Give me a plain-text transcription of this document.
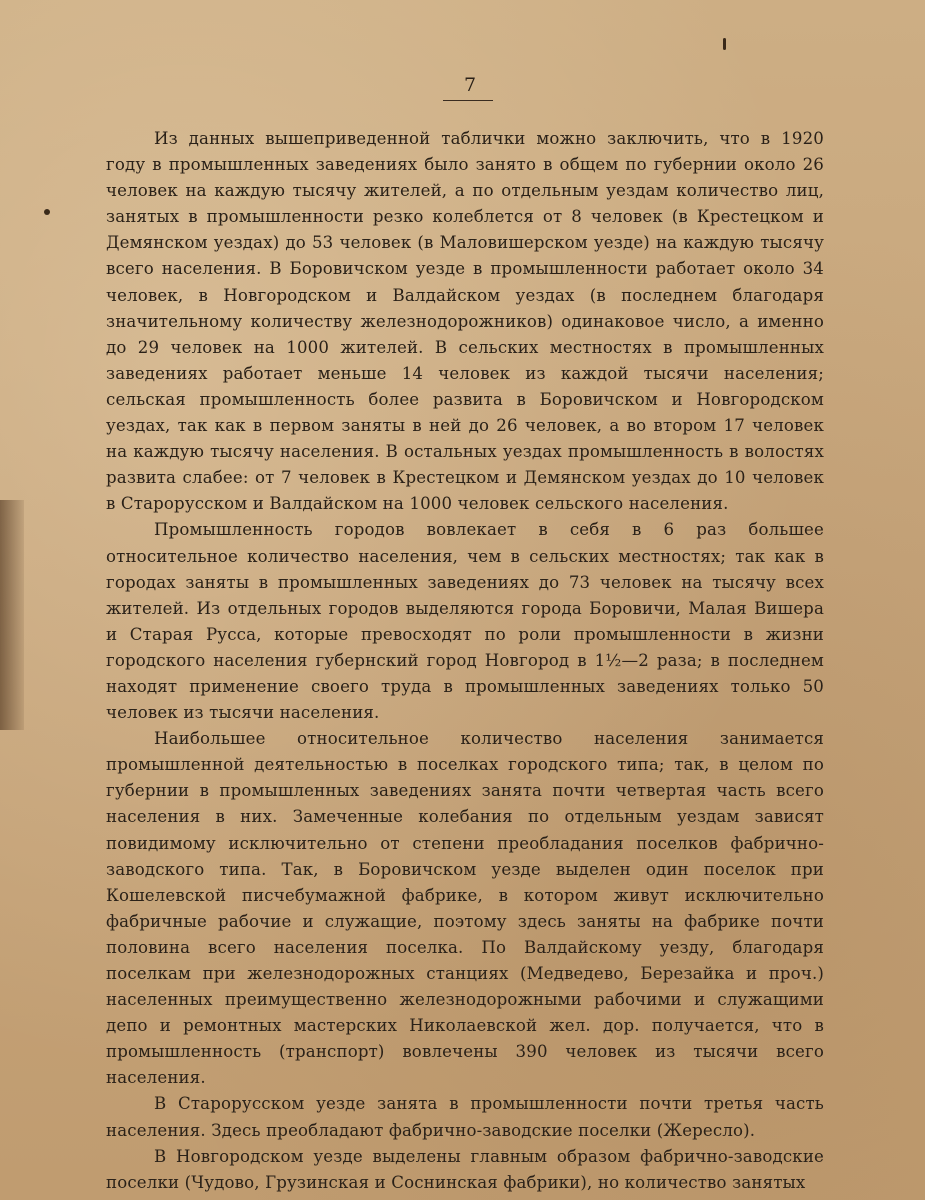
7

Из данных вышеприведенной таблички можно заключить, что в 1920 году в промышленных заведениях было занято в общем по губернии около 26 человек на каждую тысячу жителей, а по отдельным уездам количество лиц, занятых в промышленности резко колеблется от 8 человек (в Крестецком и Демянском уездах) до 53 человек (в Маловишерском уезде) на каждую тысячу всего населения. В Боровичском уезде в промышленности работает около 34 человек, в Новгородском и Валдайском уездах (в последнем благодаря значительному количеству железнодорожников) одинаковое число, а именно до 29 человек на 1000 жителей. В сельских местностях в промышленных заведениях работает меньше 14 человек из каждой тысячи населения; сельская промышленность более развита в Боровичском и Новгородском уездах, так как в первом заняты в ней до 26 человек, а во втором 17 человек на каждую тысячу населения. В остальных уездах промышленность в волостях развита слабее: от 7 человек в Крестецком и Демянском уездах до 10 человек в Старорусском и Валдайском на 1000 человек сельского населения.

Промышленность городов вовлекает в себя в 6 раз большее относительное количество населения, чем в сельских местностях; так как в городах заняты в промышленных заведениях до 73 человек на тысячу всех жителей. Из отдельных городов выделяются города Боровичи, Малая Вишера и Старая Русса, которые превосходят по роли промышленности в жизни городского населения губернский город Новгород в 1½—2 раза; в последнем находят применение своего труда в промышленных заведениях только 50 человек из тысячи населения.

Наибольшее относительное количество населения занимается промышленной деятельностью в поселках городского типа; так, в целом по губернии в промышленных заведениях занята почти четвертая часть всего населения в них. Замеченные колебания по отдельным уездам зависят повидимому исключительно от степени преобладания поселков фабрично-заводского типа. Так, в Боровичском уезде выделен один поселок при Кошелевской писчебумажной фабрике, в котором живут исключительно фабричные рабочие и служащие, поэтому здесь заняты на фабрике почти половина всего населения поселка. По Валдайскому уезду, благодаря поселкам при железнодорожных станциях (Медведево, Березайка и проч.) населенных преимущественно железнодорожными рабочими и служащими депо и ремонтных мастерских Николаевской жел. дор. получается, что в промышленность (транспорт) вовлечены 390 человек из тысячи всего населения.

В Старорусском уезде занята в промышленности почти третья часть населения. Здесь преобладают фабрично-заводские поселки (Жересло).

В Новгородском уезде выделены главным образом фабрично-заводские поселки (Чудово, Грузинская и Соснинская фабрики), но количество занятых
